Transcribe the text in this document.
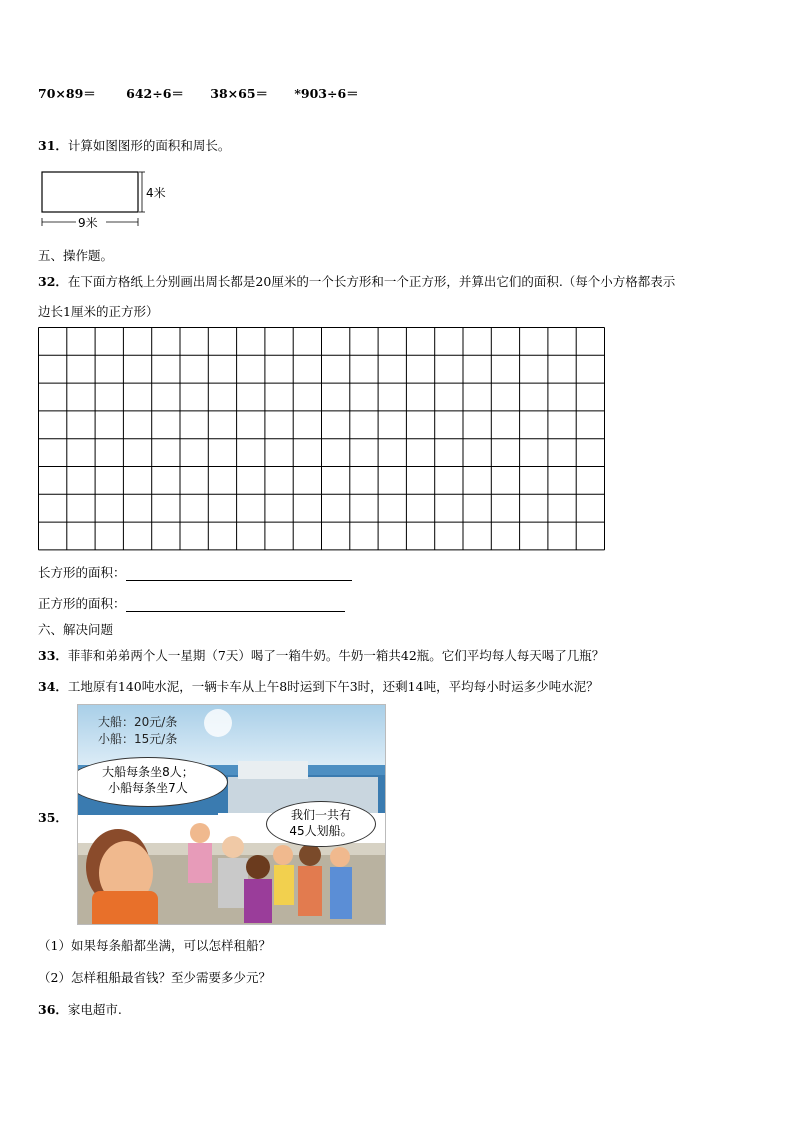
70×89＝ 642÷6＝ 38×65＝ *903÷6＝
31．计算如图图形的面积和周长。
4米
9米
五、操作题。
32．在下面方格纸上分别画出周长都是20厘米的一个长方形和一个正方形，并算出它们的面积.（每个小方格都表示
边长1厘米的正方形）
长方形的面积：
正方形的面积：
六、解决问题
33．菲菲和弟弟两个人一星期（7天）喝了一箱牛奶。牛奶一箱共42瓶。它们平均每人每天喝了几瓶？
34．工地原有140吨水泥，一辆卡车从上午8时运到下午3时，还剩14吨，平均每小时运多少吨水泥？
35．
大船：20元/条
小船：15元/条
大船每条坐8人；
小船每条坐7人
我们一共有
45人划船。
（1）如果每条船都坐满，可以怎样租船？
（2）怎样租船最省钱？至少需要多少元？
36．家电超市.
